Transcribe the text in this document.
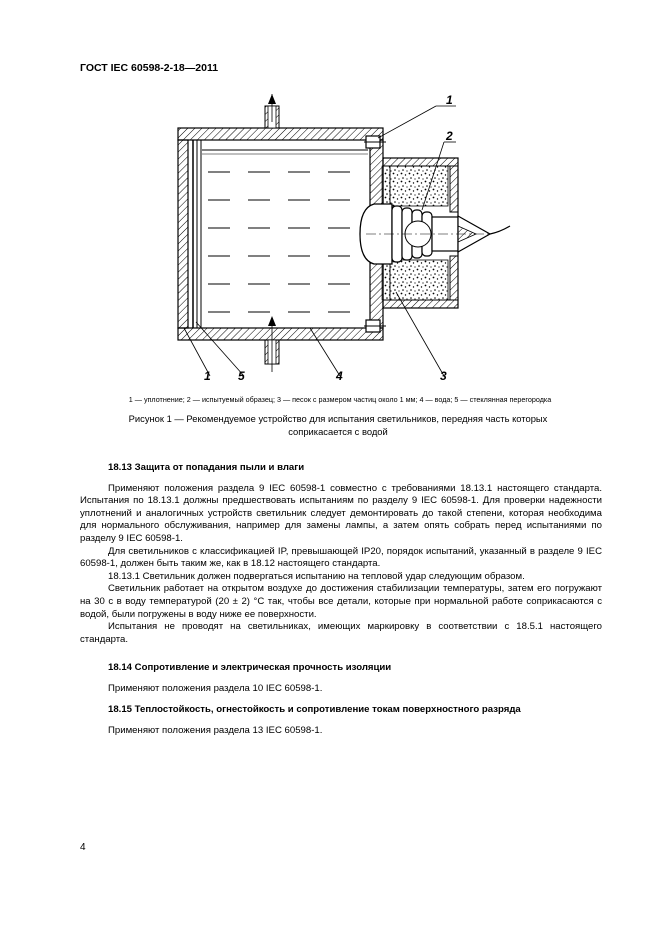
ГОСТ IEC 60598-2-18—2011
1
2
1 5	4	3
1 — уплотнение; 2 — испытуемый образец; 3 — песок с размером частиц около 1 мм; 4 — вода; 5 — стеклянная перегородка
Рисунок 1 — Рекомендуемое устройство для испытания светильников, передняя часть которых соприкасается с водой

18.13 Защита от попадания пыли и влаги

Применяют положения раздела 9 IEC 60598-1 совместно с требованиями 18.13.1 настоящего стандарта. Испытания по 18.13.1 должны предшествовать испытаниям по разделу 9 IEC 60598-1. Для проверки надежности уплотнений и аналогичных устройств светильник следует демонтировать до такой степени, которая необходима для нормального обслуживания, например для замены лампы, а затем опять собрать перед испытаниями по разделу 9 IEC 60598-1.

Для светильников с классификацией IP, превышающей IP20, порядок испытаний, указанный в разделе 9 IEC 60598-1, должен быть таким же, как в 18.12 настоящего стандарта.

18.13.1 Светильник должен подвергаться испытанию на тепловой удар следующим образом.

Светильник работает на открытом воздухе до достижения стабилизации температуры, затем его погружают на 30 с в воду температурой (20 ± 2) °С так, чтобы все детали, которые при нормальной работе соприкасаются с водой, были погружены в воду ниже ее поверхности.

Испытания не проводят на светильниках, имеющих маркировку в соответствии с 18.5.1 настоящего стандарта.

18.14 Сопротивление и электрическая прочность изоляции

Применяют положения раздела 10 IEC 60598-1.

18.15 Теплостойкость, огнестойкость и сопротивление токам поверхностного разряда

Применяют положения раздела 13 IEC 60598-1.

4
